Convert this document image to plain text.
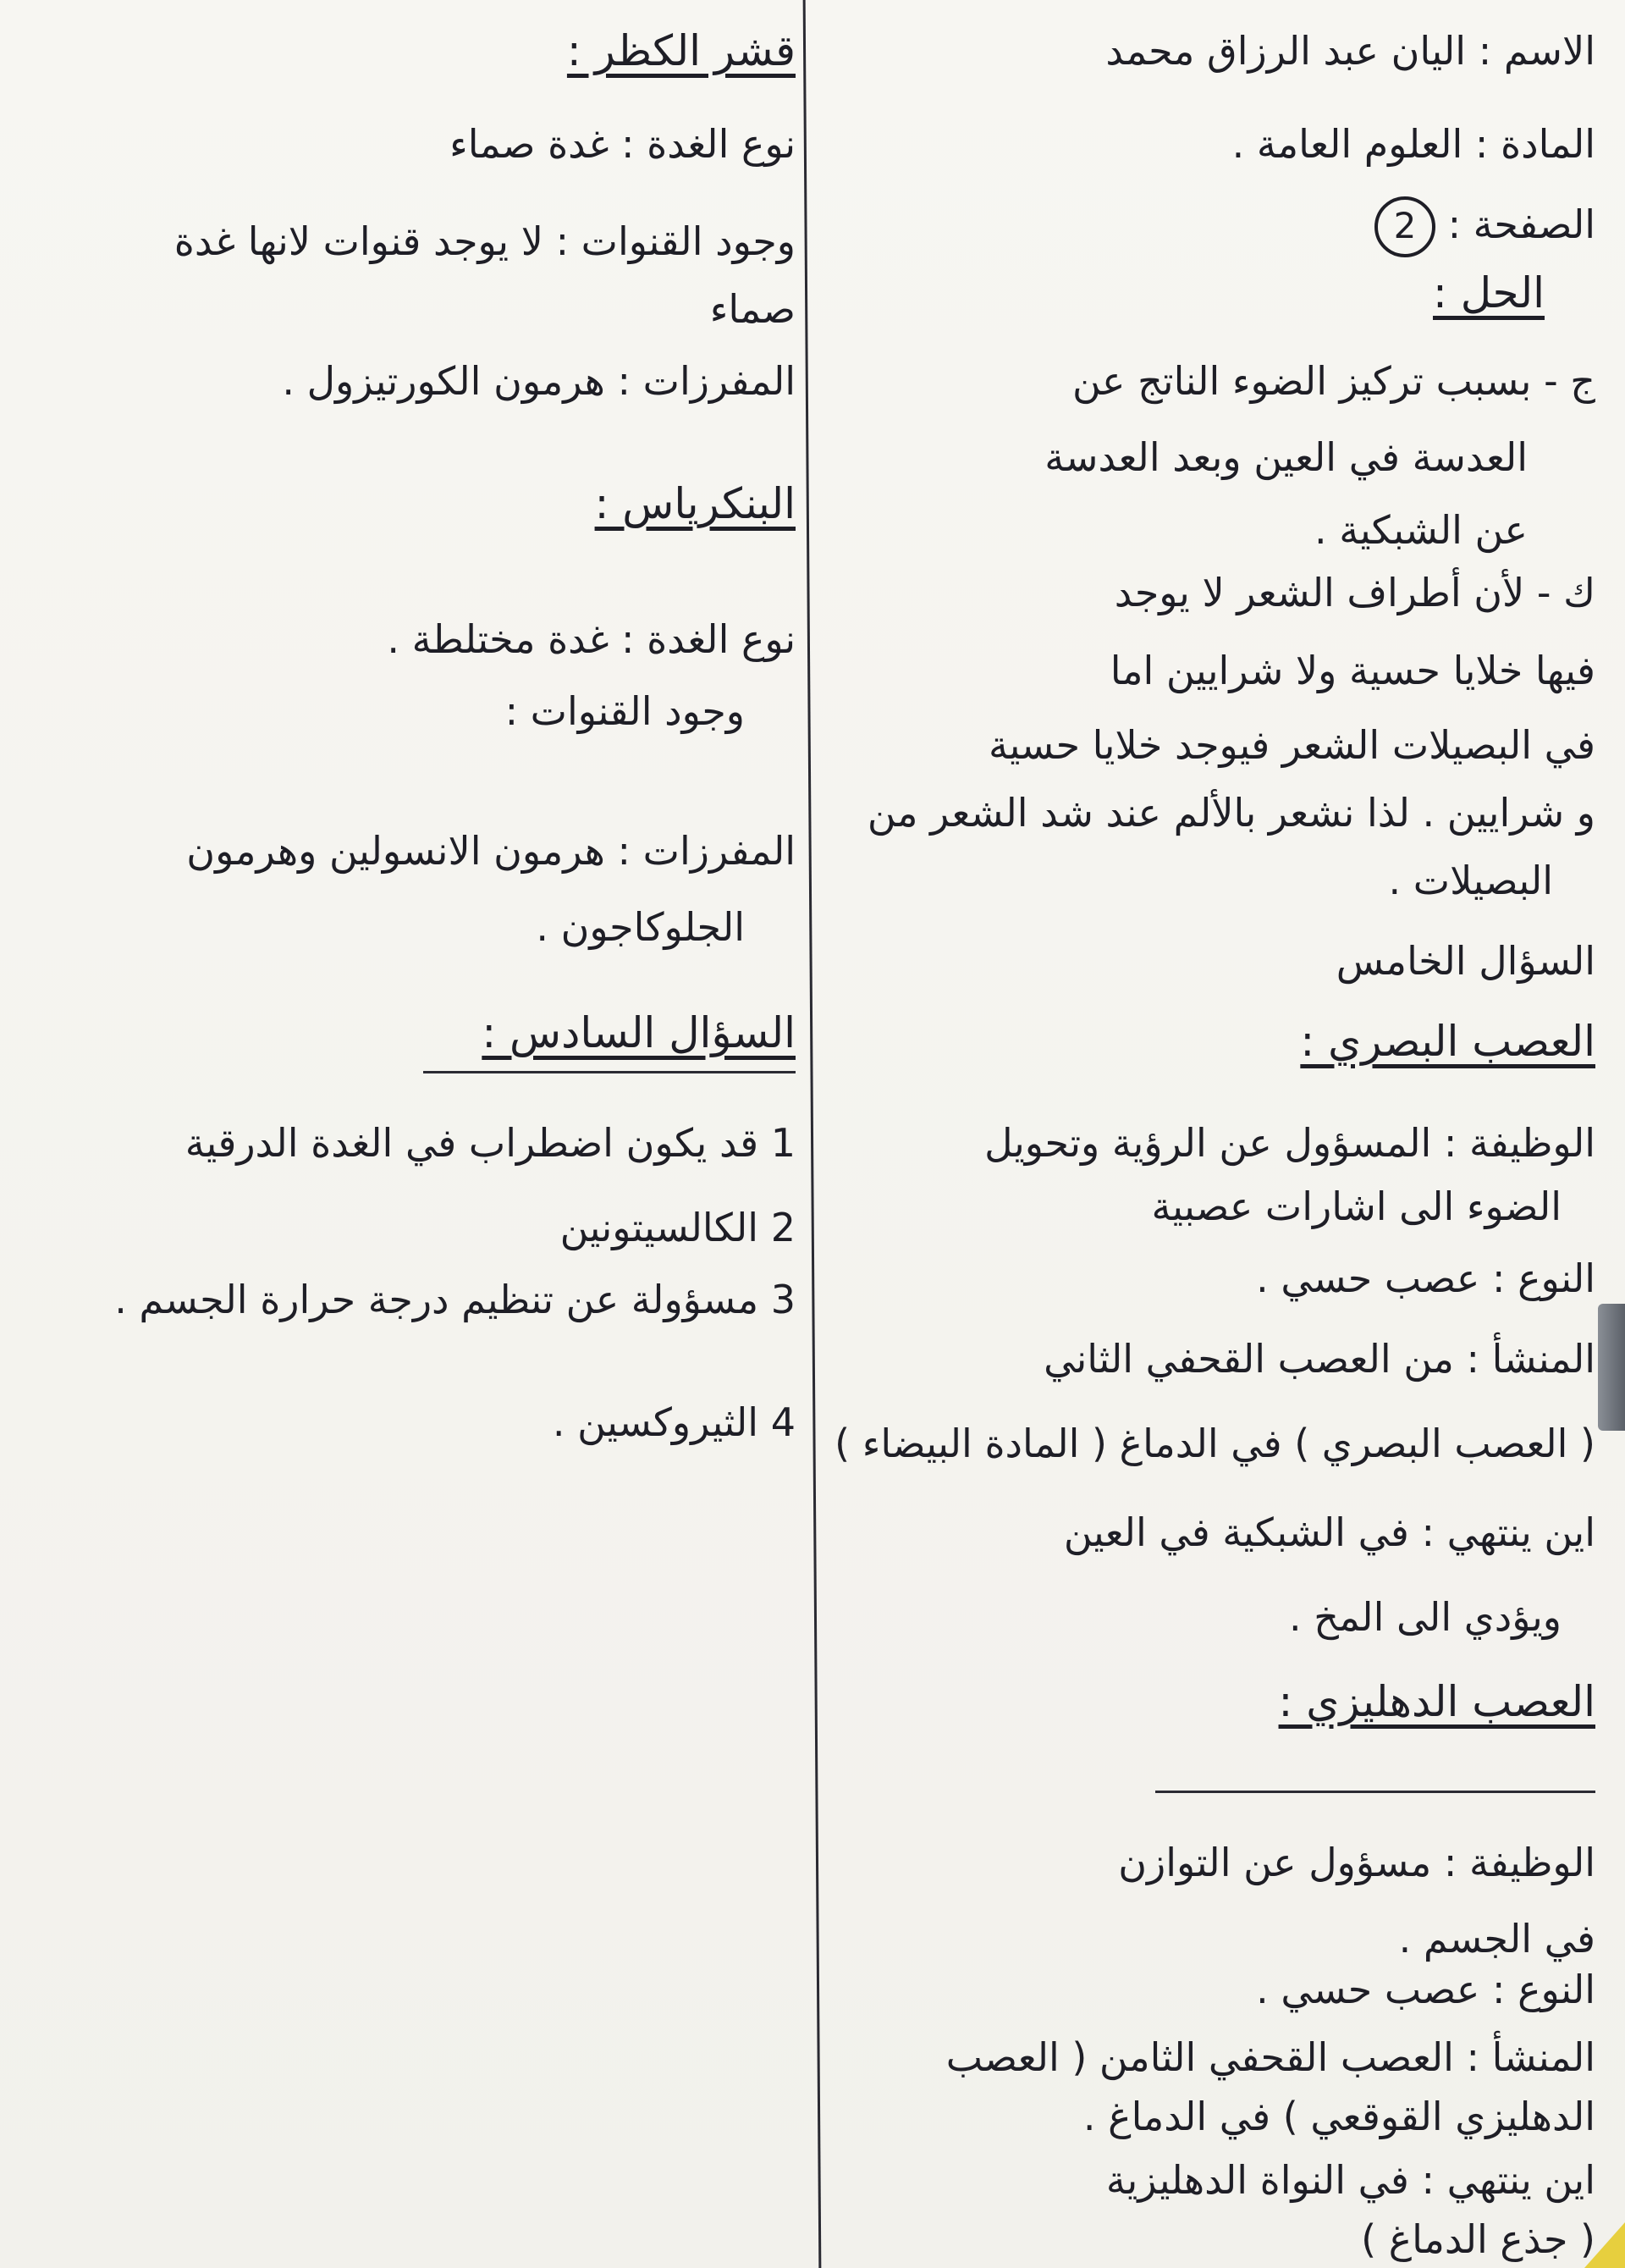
الاسم : اليان عبد الرزاق محمد
المادة : العلوم العامة .
الصفحة : 2
الحل :
ج - بسبب تركيز الضوء الناتج عن
العدسة في العين وبعد العدسة
عن الشبكية .
ك - لأن أطراف الشعر لا يوجد
فيها خلايا حسية ولا شرايين اما
في البصيلات الشعر فيوجد خلايا حسية
و شرايين . لذا نشعر بالألم عند شد الشعر من
البصيلات .
السؤال الخامس
العصب البصري :
الوظيفة : المسؤول عن الرؤية وتحويل
الضوء الى اشارات عصبية
النوع : عصب حسي .
المنشأ : من العصب القحفي الثاني
( العصب البصري ) في الدماغ ( المادة البيضاء )
اين ينتهي : في الشبكية في العين
ويؤدي الى المخ .
العصب الدهليزي :
الوظيفة : مسؤول عن التوازن
في الجسم .
النوع : عصب حسي .
المنشأ : العصب القحفي الثامن ( العصب
الدهليزي القوقعي ) في الدماغ .
اين ينتهي : في النواة الدهليزية
( جذع الدماغ )
قشر الكظر :
نوع الغدة : غدة صماء
وجود القنوات : لا يوجد قنوات لانها غدة
صماء
المفرزات : هرمون الكورتيزول .
البنكرياس :
نوع الغدة : غدة مختلطة .
وجود القنوات :
المفرزات : هرمون الانسولين وهرمون
الجلوكاجون .
السؤال السادس :
1 قد يكون اضطراب في الغدة الدرقية
2 الكالسيتونين
3 مسؤولة عن تنظيم درجة حرارة الجسم .
4 الثيروكسين .
